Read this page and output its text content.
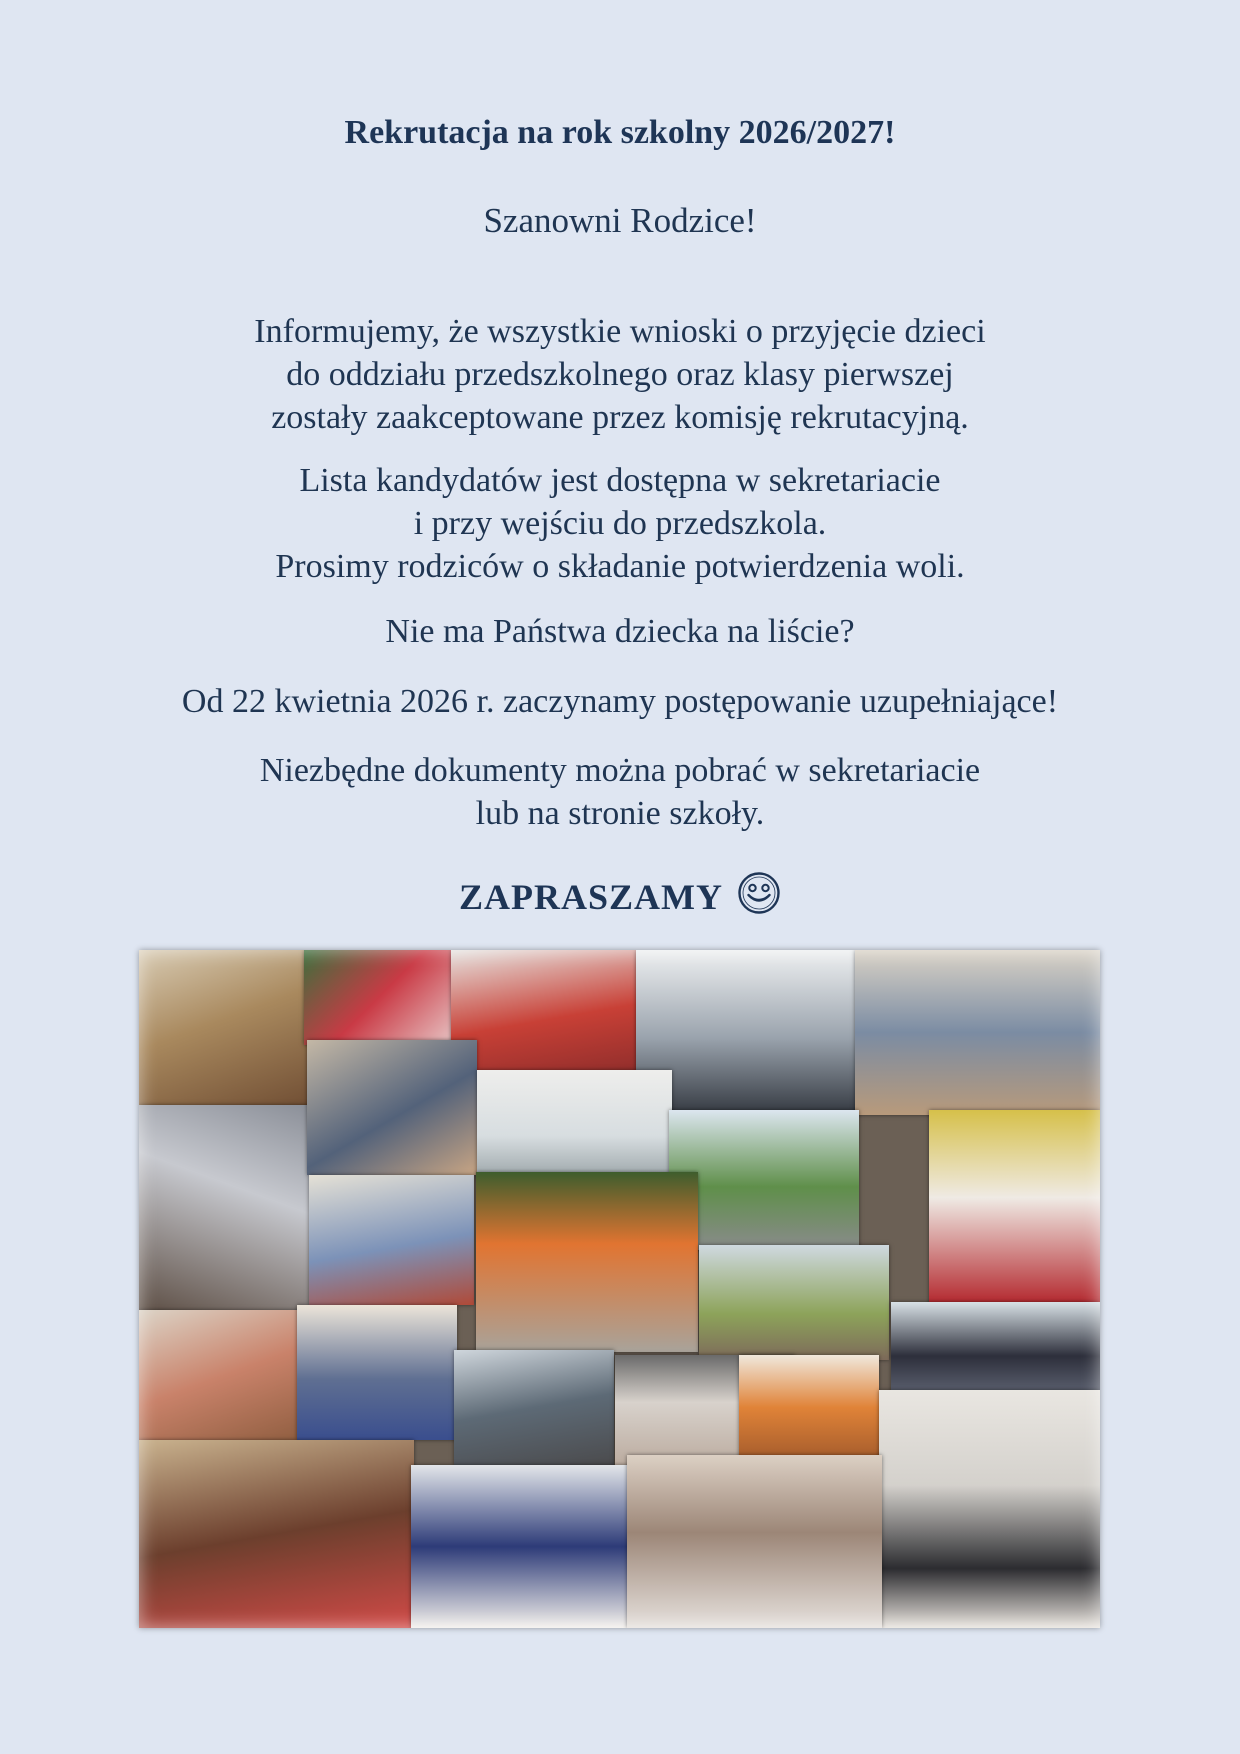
Rekrutacja na rok szkolny 2026/2027!

Szanowni Rodzice!

Informujemy, że wszystkie wnioski o przyjęcie dzieci
do oddziału przedszkolnego oraz klasy pierwszej
zostały zaakceptowane przez komisję rekrutacyjną.
Lista kandydatów jest dostępna w sekretariacie
i przy wejściu do przedszkola.
Prosimy rodziców o składanie potwierdzenia woli.

Nie ma Państwa dziecka na liście?

Od 22 kwietnia 2026 r. zaczynamy postępowanie uzupełniające!

Niezbędne dokumenty można pobrać w sekretariacie
lub na stronie szkoły.

ZAPRASZAMY
